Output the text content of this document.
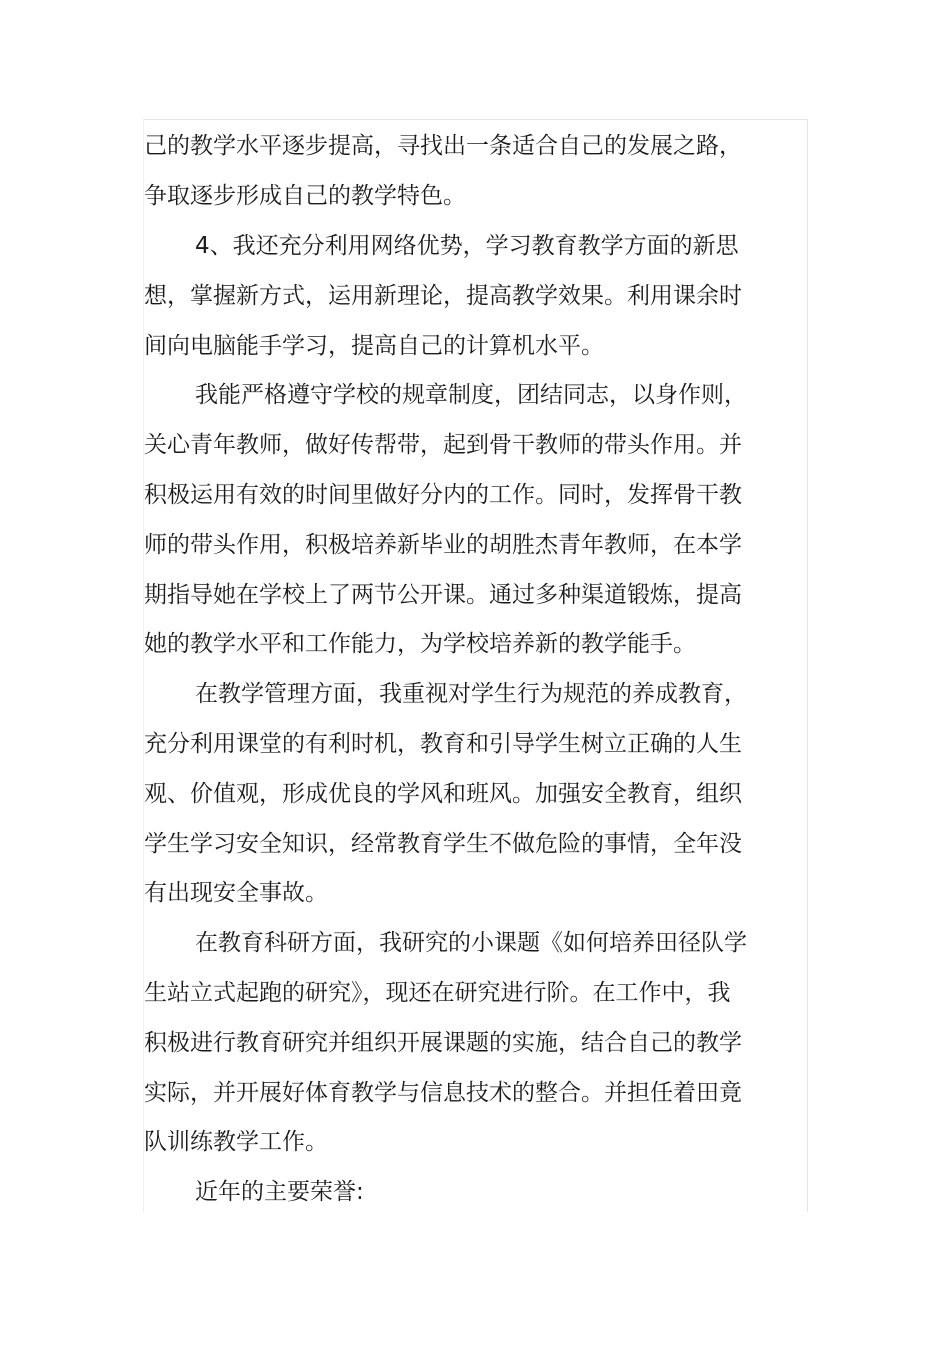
己的教学水平逐步提高，寻找出一条适合自己的发展之路，
争取逐步形成自己的教学特色。
4、我还充分利用网络优势，学习教育教学方面的新思
想，掌握新方式，运用新理论，提高教学效果。利用课余时
间向电脑能手学习，提高自己的计算机水平。
我能严格遵守学校的规章制度，团结同志，以身作则，
关心青年教师，做好传帮带，起到骨干教师的带头作用。并
积极运用有效的时间里做好分内的工作。同时，发挥骨干教
师的带头作用，积极培养新毕业的胡胜杰青年教师，在本学
期指导她在学校上了两节公开课。通过多种渠道锻炼，提高
她的教学水平和工作能力，为学校培养新的教学能手。
在教学管理方面，我重视对学生行为规范的养成教育，
充分利用课堂的有利时机，教育和引导学生树立正确的人生
观、价值观，形成优良的学风和班风。加强安全教育，组织
学生学习安全知识，经常教育学生不做危险的事情，全年没
有出现安全事故。
在教育科研方面，我研究的小课题《如何培养田径队学
生站立式起跑的研究》，现还在研究进行阶。在工作中，我
积极进行教育研究并组织开展课题的实施，结合自己的教学
实际，并开展好体育教学与信息技术的整合。并担任着田竟
队训练教学工作。
近年的主要荣誉:
